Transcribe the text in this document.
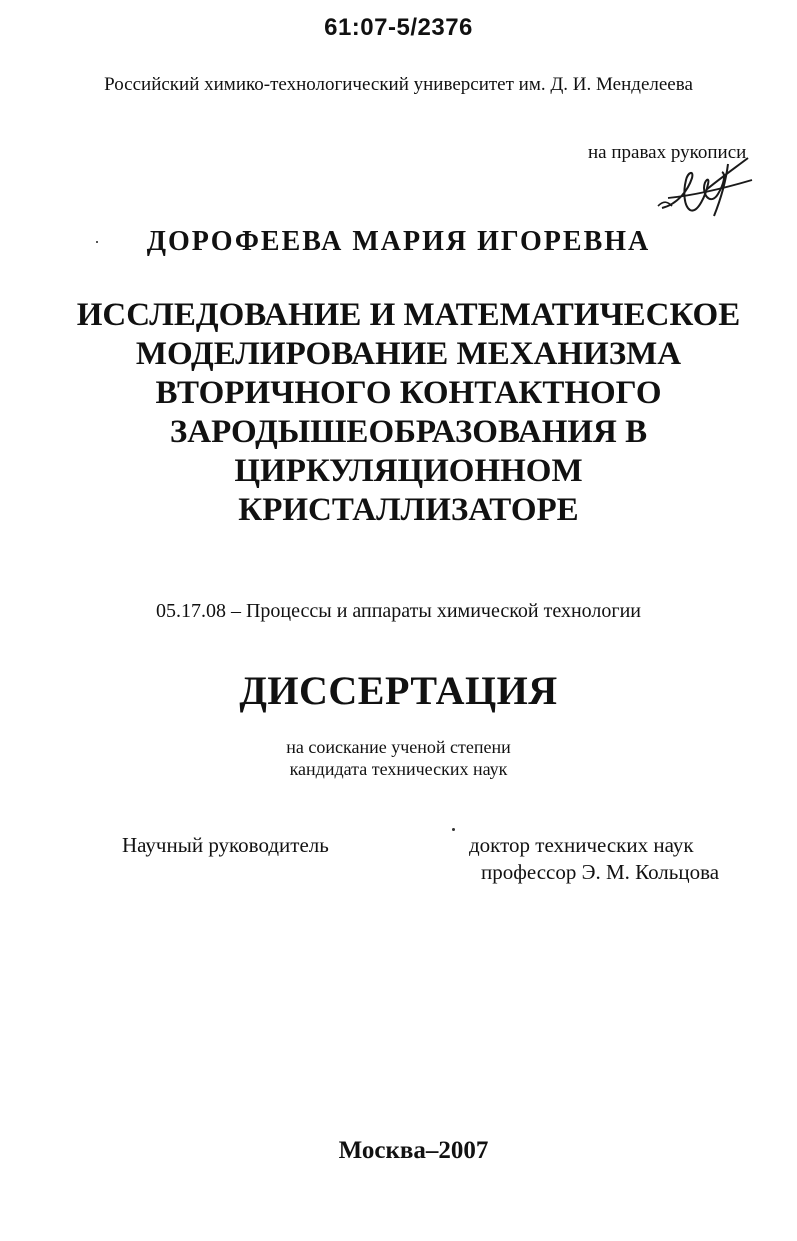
61:07-5/2376
Российский химико-технологический университет им. Д. И. Менделеева
на правах рукописи
ДОРОФЕЕВА МАРИЯ ИГОРЕВНА
ИССЛЕДОВАНИЕ И МАТЕМАТИЧЕСКОЕ
МОДЕЛИРОВАНИЕ МЕХАНИЗМА
ВТОРИЧНОГО КОНТАКТНОГО
ЗАРОДЫШЕОБРАЗОВАНИЯ В
ЦИРКУЛЯЦИОННОМ
КРИСТАЛЛИЗАТОРЕ
05.17.08 – Процессы и аппараты химической технологии
ДИССЕРТАЦИЯ
на соискание ученой степени
кандидата технических наук
Научный руководитель	доктор технических наук
профессор Э. М. Кольцова
Москва–2007
